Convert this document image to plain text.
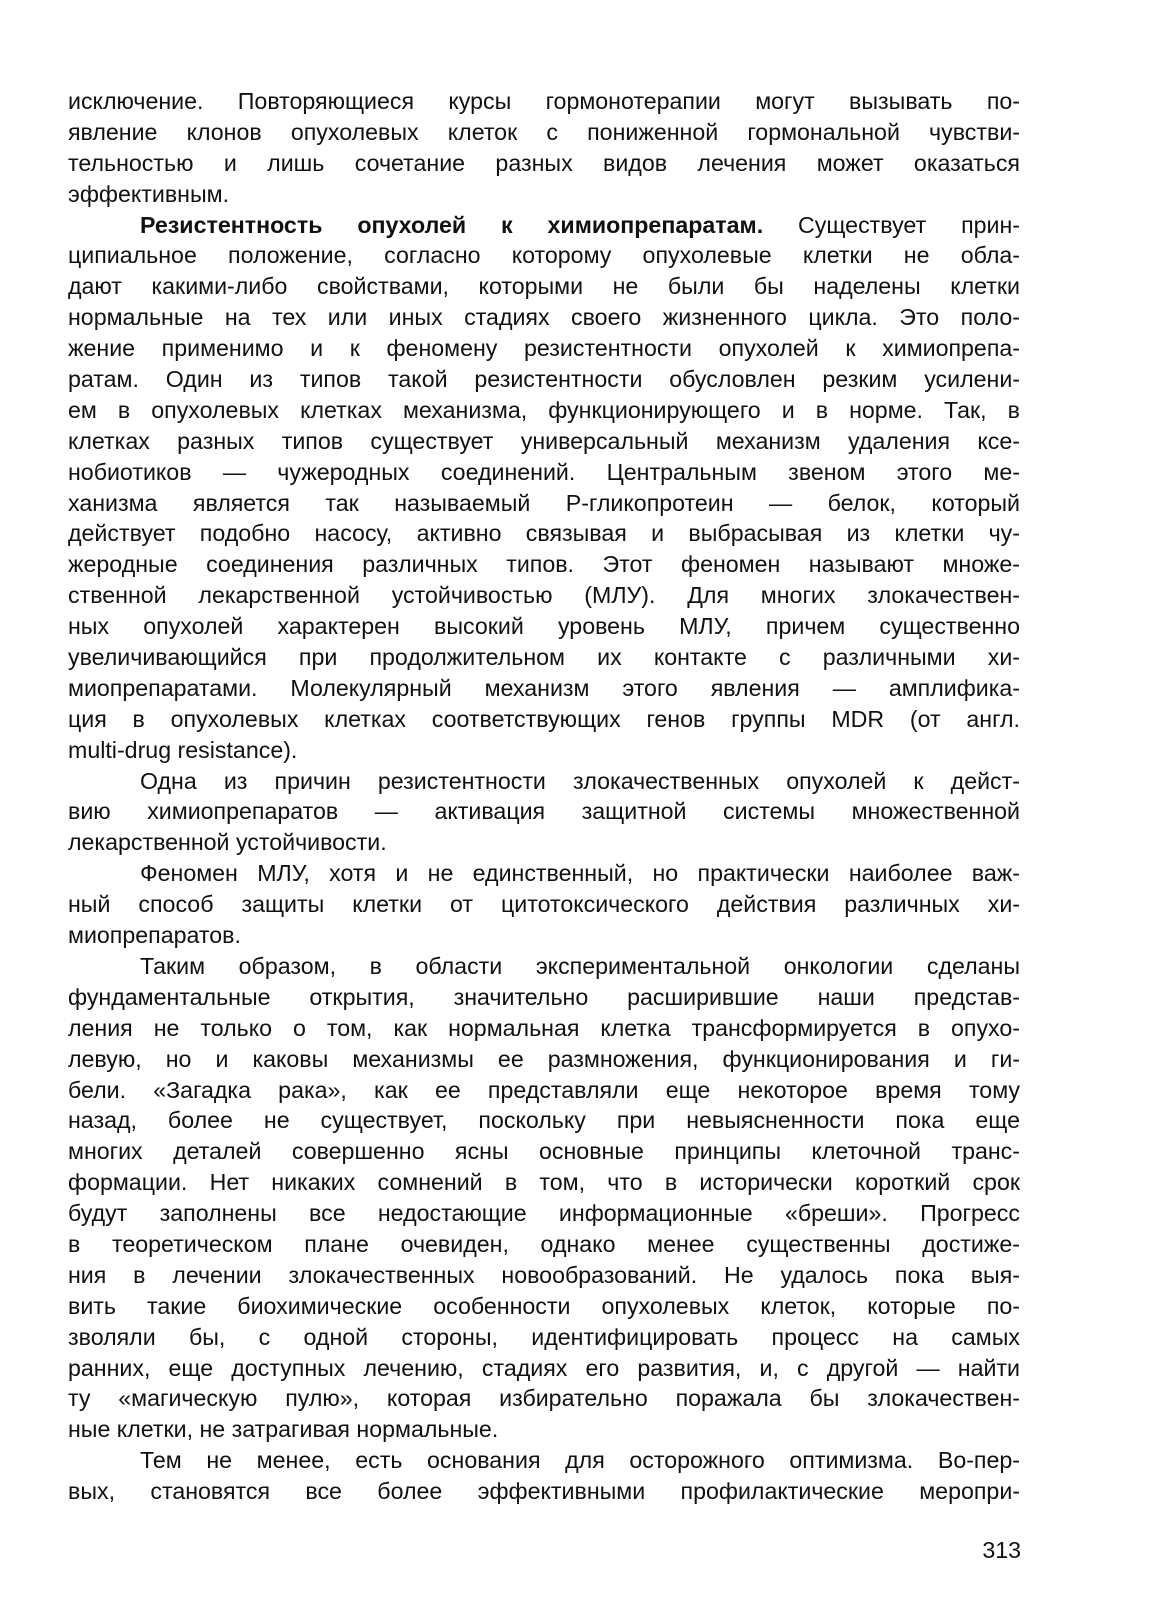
исключение. Повторяющиеся курсы гормонотерапии могут вызывать по-
явление клонов опухолевых клеток с пониженной гормональной чувстви-
тельностью и лишь сочетание разных видов лечения может оказаться
эффективным.
Резистентность опухолей к химиопрепаратам. Существует прин-
ципиальное положение, согласно которому опухолевые клетки не обла-
дают какими-либо свойствами, которыми не были бы наделены клетки
нормальные на тех или иных стадиях своего жизненного цикла. Это поло-
жение применимо и к феномену резистентности опухолей к химиопрепа-
ратам. Один из типов такой резистентности обусловлен резким усилени-
ем в опухолевых клетках механизма, функционирующего и в норме. Так, в
клетках разных типов существует универсальный механизм удаления ксе-
нобиотиков — чужеродных соединений. Центральным звеном этого ме-
ханизма является так называемый Р-гликопротеин — белок, который
действует подобно насосу, активно связывая и выбрасывая из клетки чу-
жеродные соединения различных типов. Этот феномен называют множе-
ственной лекарственной устойчивостью (МЛУ). Для многих злокачествен-
ных опухолей характерен высокий уровень МЛУ, причем существенно
увеличивающийся при продолжительном их контакте с различными хи-
миопрепаратами. Молекулярный механизм этого явления — амплифика-
ция в опухолевых клетках соответствующих генов группы MDR (от англ.
multi-drug resistance).
Одна из причин резистентности злокачественных опухолей к дейст-
вию химиопрепаратов — активация защитной системы множественной
лекарственной устойчивости.
Феномен МЛУ, хотя и не единственный, но практически наиболее важ-
ный способ защиты клетки от цитотоксического действия различных хи-
миопрепаратов.
Таким образом, в области экспериментальной онкологии сделаны
фундаментальные открытия, значительно расширившие наши представ-
ления не только о том, как нормальная клетка трансформируется в опухо-
левую, но и каковы механизмы ее размножения, функционирования и ги-
бели. «Загадка рака», как ее представляли еще некоторое время тому
назад, более не существует, поскольку при невыясненности пока еще
многих деталей совершенно ясны основные принципы клеточной транс-
формации. Нет никаких сомнений в том, что в исторически короткий срок
будут заполнены все недостающие информационные «бреши». Прогресс
в теоретическом плане очевиден, однако менее существенны достиже-
ния в лечении злокачественных новообразований. Не удалось пока выя-
вить такие биохимические особенности опухолевых клеток, которые по-
зволяли бы, с одной стороны, идентифицировать процесс на самых
ранних, еще доступных лечению, стадиях его развития, и, с другой — найти
ту «магическую пулю», которая избирательно поражала бы злокачествен-
ные клетки, не затрагивая нормальные.
Тем не менее, есть основания для осторожного оптимизма. Во-пер-
вых, становятся все более эффективными профилактические меропри-
313
